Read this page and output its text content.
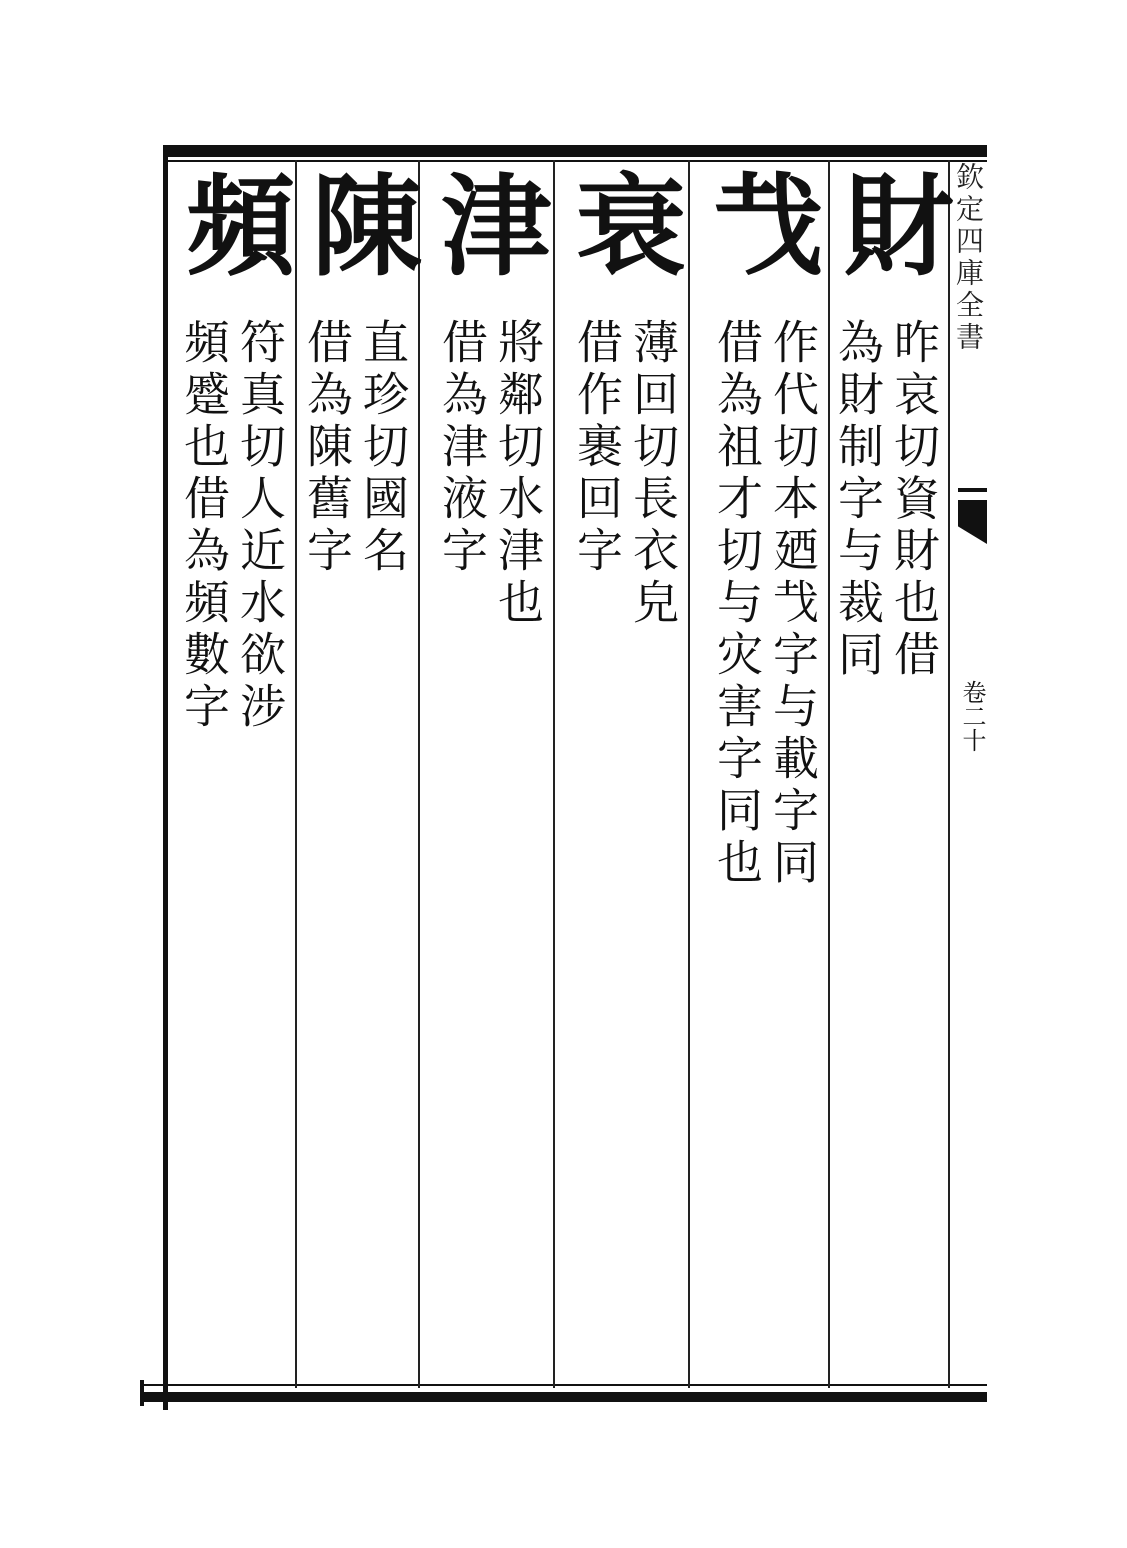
欽定四庫全書
卷二十
財
昨哀切資財也借
為財制字与裁同
𢦏
作代切本廼𢦏字与載字同
借為祖才切与灾害字同也
衰
薄回切長衣皃
借作裹回字
津
將鄰切水津也
借為津液字
陳
直珍切國名
借為陳舊字
頻
符真切人近水欲涉
頻蹙也借為頻數字
